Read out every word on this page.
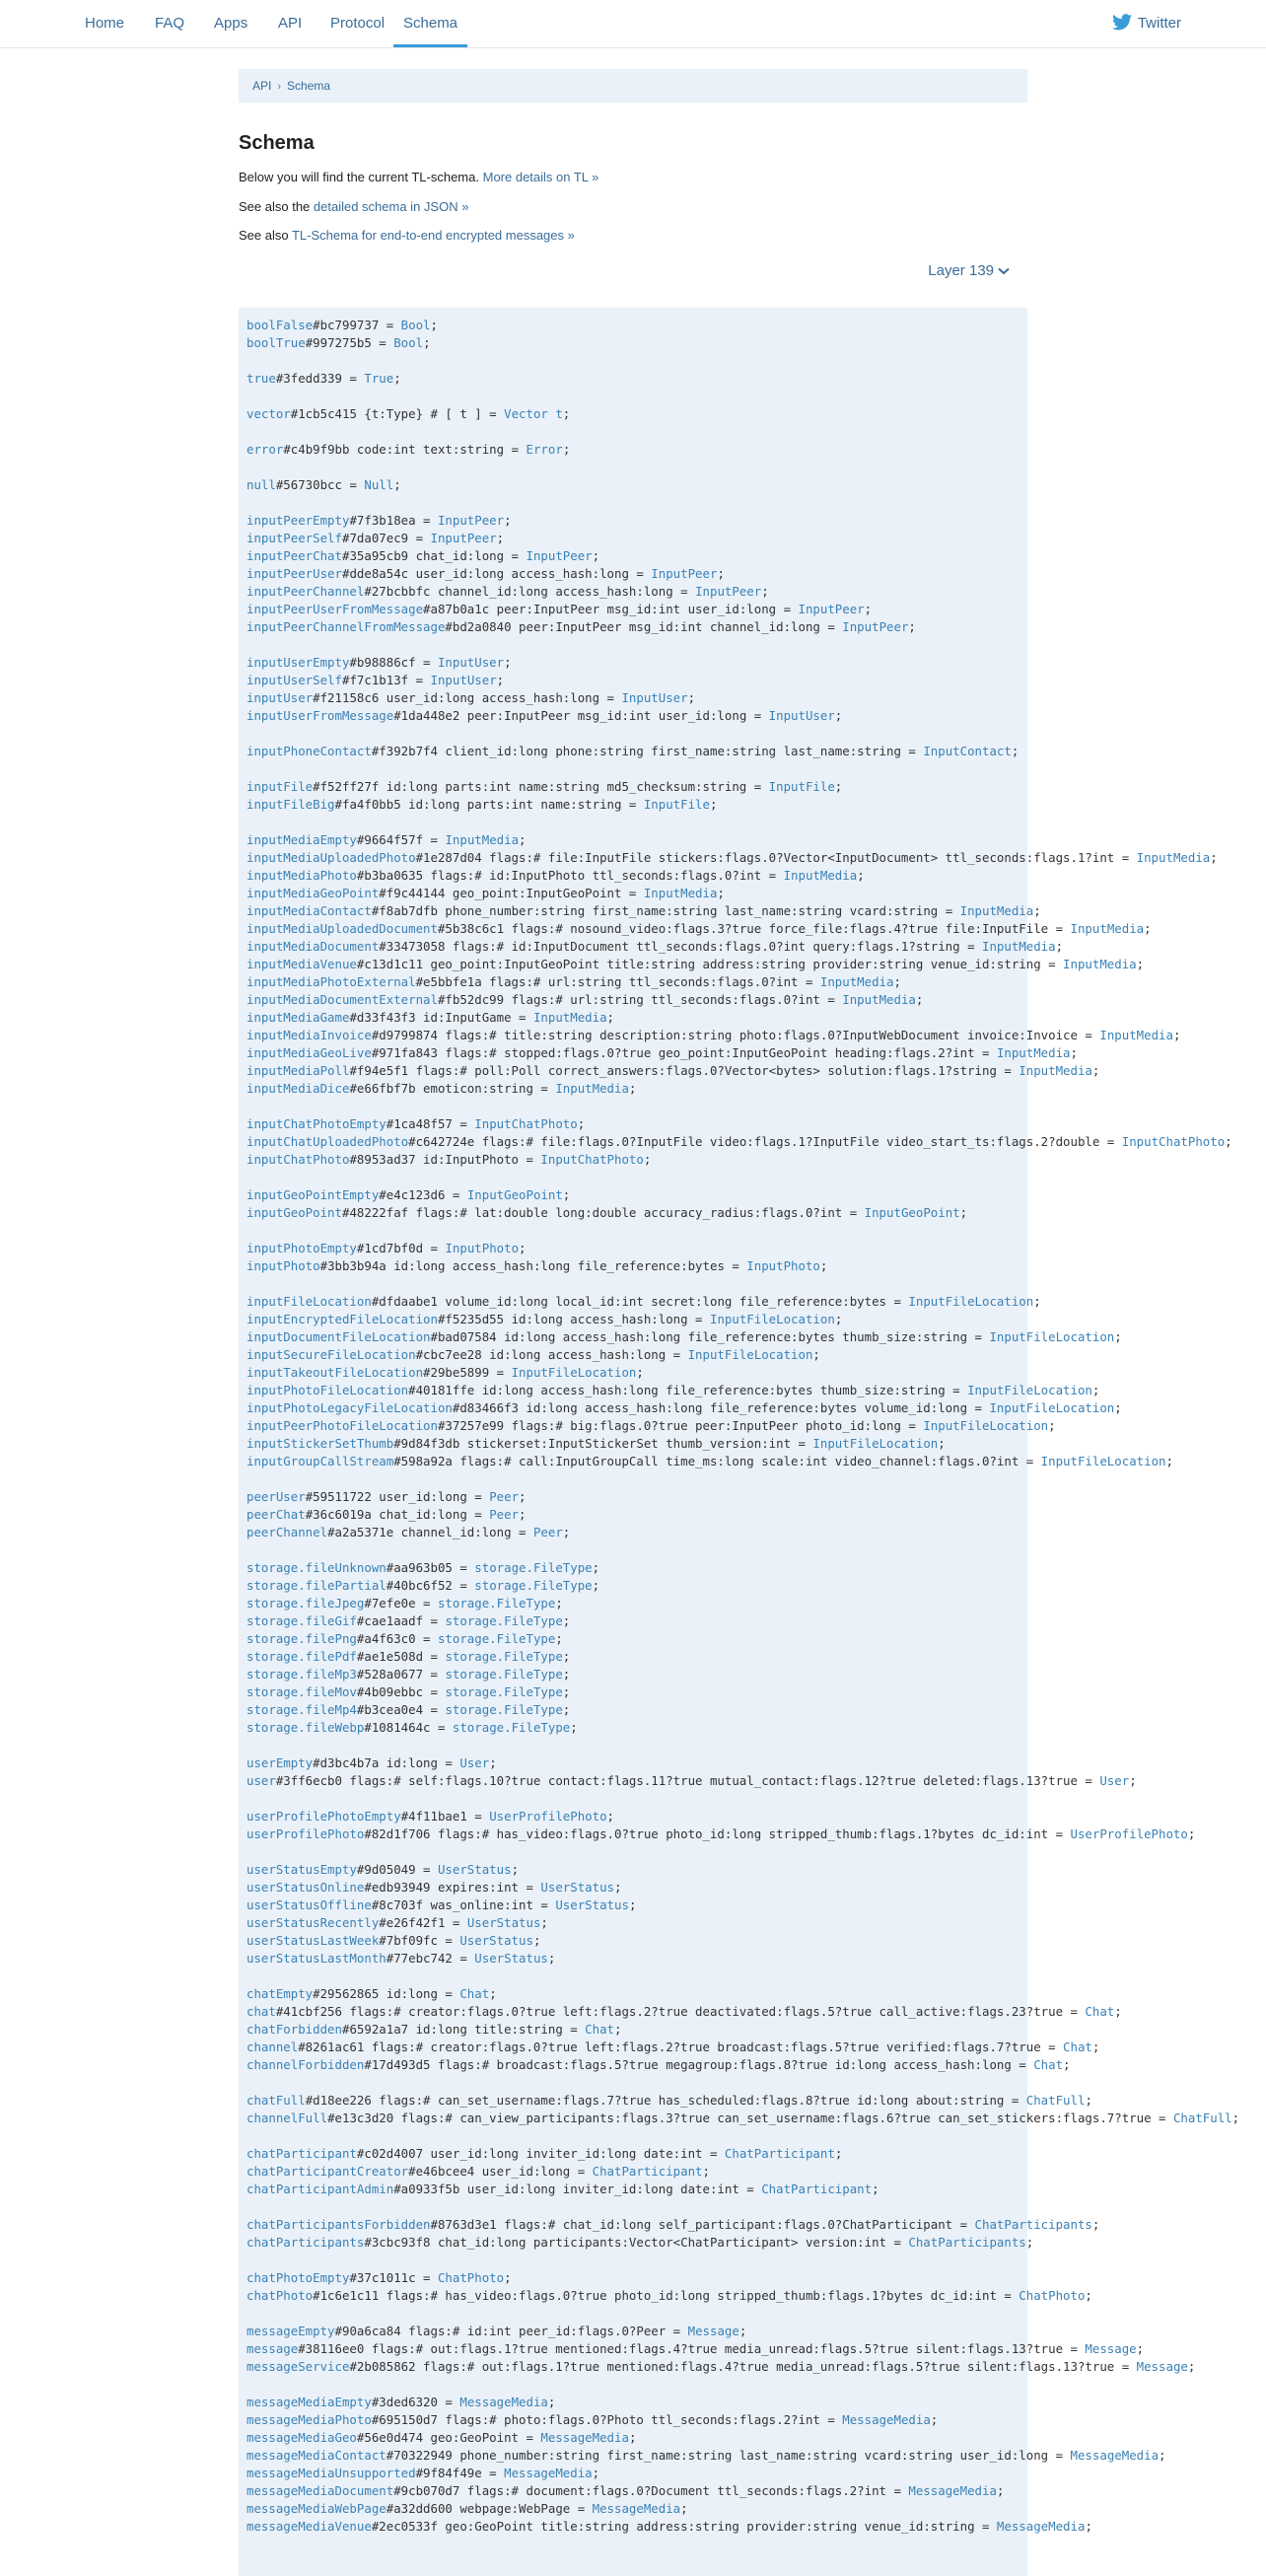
Home FAQ Apps API Protocol	Schema	Twitter
API › Schema
Schema
Below you will find the current TL-schema. More details on TL »
See also the detailed schema in JSON »
See also TL-Schema for end-to-end encrypted messages »
Layer 139
boolFalse#bc799737 = Bool;
boolTrue#997275b5 = Bool;

true#3fedd339 = True;

vector#1cb5c415 {t:Type} # [ t ] = Vector t;

error#c4b9f9bb code:int text:string = Error;

null#56730bcc = Null;

inputPeerEmpty#7f3b18ea = InputPeer;
inputPeerSelf#7da07ec9 = InputPeer;
inputPeerChat#35a95cb9 chat_id:long = InputPeer;
inputPeerUser#dde8a54c user_id:long access_hash:long = InputPeer;
inputPeerChannel#27bcbbfc channel_id:long access_hash:long = InputPeer;
inputPeerUserFromMessage#a87b0a1c peer:InputPeer msg_id:int user_id:long = InputPeer;
inputPeerChannelFromMessage#bd2a0840 peer:InputPeer msg_id:int channel_id:long = InputPeer;

inputUserEmpty#b98886cf = InputUser;
inputUserSelf#f7c1b13f = InputUser;
inputUser#f21158c6 user_id:long access_hash:long = InputUser;
inputUserFromMessage#1da448e2 peer:InputPeer msg_id:int user_id:long = InputUser;

inputPhoneContact#f392b7f4 client_id:long phone:string first_name:string last_name:string = InputContact;

inputFile#f52ff27f id:long parts:int name:string md5_checksum:string = InputFile;
inputFileBig#fa4f0bb5 id:long parts:int name:string = InputFile;

inputMediaEmpty#9664f57f = InputMedia;
inputMediaUploadedPhoto#1e287d04 flags:# file:InputFile stickers:flags.0?Vector<InputDocument> ttl_seconds:flags.1?int = InputMedia;
inputMediaPhoto#b3ba0635 flags:# id:InputPhoto ttl_seconds:flags.0?int = InputMedia;
inputMediaGeoPoint#f9c44144 geo_point:InputGeoPoint = InputMedia;
inputMediaContact#f8ab7dfb phone_number:string first_name:string last_name:string vcard:string = InputMedia;
inputMediaUploadedDocument#5b38c6c1 flags:# nosound_video:flags.3?true force_file:flags.4?true file:InputFile = InputMedia;
inputMediaDocument#33473058 flags:# id:InputDocument ttl_seconds:flags.0?int query:flags.1?string = InputMedia;
inputMediaVenue#c13d1c11 geo_point:InputGeoPoint title:string address:string provider:string venue_id:string = InputMedia;
inputMediaPhotoExternal#e5bbfe1a flags:# url:string ttl_seconds:flags.0?int = InputMedia;
inputMediaDocumentExternal#fb52dc99 flags:# url:string ttl_seconds:flags.0?int = InputMedia;
inputMediaGame#d33f43f3 id:InputGame = InputMedia;
inputMediaInvoice#d9799874 flags:# title:string description:string photo:flags.0?InputWebDocument invoice:Invoice = InputMedia;
inputMediaGeoLive#971fa843 flags:# stopped:flags.0?true geo_point:InputGeoPoint heading:flags.2?int = InputMedia;
inputMediaPoll#f94e5f1 flags:# poll:Poll correct_answers:flags.0?Vector<bytes> solution:flags.1?string = InputMedia;
inputMediaDice#e66fbf7b emoticon:string = InputMedia;

inputChatPhotoEmpty#1ca48f57 = InputChatPhoto;
inputChatUploadedPhoto#c642724e flags:# file:flags.0?InputFile video:flags.1?InputFile video_start_ts:flags.2?double = InputChatPhoto;
inputChatPhoto#8953ad37 id:InputPhoto = InputChatPhoto;

inputGeoPointEmpty#e4c123d6 = InputGeoPoint;
inputGeoPoint#48222faf flags:# lat:double long:double accuracy_radius:flags.0?int = InputGeoPoint;

inputPhotoEmpty#1cd7bf0d = InputPhoto;
inputPhoto#3bb3b94a id:long access_hash:long file_reference:bytes = InputPhoto;

inputFileLocation#dfdaabe1 volume_id:long local_id:int secret:long file_reference:bytes = InputFileLocation;
inputEncryptedFileLocation#f5235d55 id:long access_hash:long = InputFileLocation;
inputDocumentFileLocation#bad07584 id:long access_hash:long file_reference:bytes thumb_size:string = InputFileLocation;
inputSecureFileLocation#cbc7ee28 id:long access_hash:long = InputFileLocation;
inputTakeoutFileLocation#29be5899 = InputFileLocation;
inputPhotoFileLocation#40181ffe id:long access_hash:long file_reference:bytes thumb_size:string = InputFileLocation;
inputPhotoLegacyFileLocation#d83466f3 id:long access_hash:long file_reference:bytes volume_id:long = InputFileLocation;
inputPeerPhotoFileLocation#37257e99 flags:# big:flags.0?true peer:InputPeer photo_id:long = InputFileLocation;
inputStickerSetThumb#9d84f3db stickerset:InputStickerSet thumb_version:int = InputFileLocation;
inputGroupCallStream#598a92a flags:# call:InputGroupCall time_ms:long scale:int video_channel:flags.0?int = InputFileLocation;

peerUser#59511722 user_id:long = Peer;
peerChat#36c6019a chat_id:long = Peer;
peerChannel#a2a5371e channel_id:long = Peer;

storage.fileUnknown#aa963b05 = storage.FileType;
storage.filePartial#40bc6f52 = storage.FileType;
storage.fileJpeg#7efe0e = storage.FileType;
storage.fileGif#cae1aadf = storage.FileType;
storage.filePng#a4f63c0 = storage.FileType;
storage.filePdf#ae1e508d = storage.FileType;
storage.fileMp3#528a0677 = storage.FileType;
storage.fileMov#4b09ebbc = storage.FileType;
storage.fileMp4#b3cea0e4 = storage.FileType;
storage.fileWebp#1081464c = storage.FileType;

userEmpty#d3bc4b7a id:long = User;
user#3ff6ecb0 flags:# self:flags.10?true contact:flags.11?true mutual_contact:flags.12?true deleted:flags.13?true = User;

userProfilePhotoEmpty#4f11bae1 = UserProfilePhoto;
userProfilePhoto#82d1f706 flags:# has_video:flags.0?true photo_id:long stripped_thumb:flags.1?bytes dc_id:int = UserProfilePhoto;

userStatusEmpty#9d05049 = UserStatus;
userStatusOnline#edb93949 expires:int = UserStatus;
userStatusOffline#8c703f was_online:int = UserStatus;
userStatusRecently#e26f42f1 = UserStatus;
userStatusLastWeek#7bf09fc = UserStatus;
userStatusLastMonth#77ebc742 = UserStatus;

chatEmpty#29562865 id:long = Chat;
chat#41cbf256 flags:# creator:flags.0?true left:flags.2?true deactivated:flags.5?true call_active:flags.23?true = Chat;
chatForbidden#6592a1a7 id:long title:string = Chat;
channel#8261ac61 flags:# creator:flags.0?true left:flags.2?true broadcast:flags.5?true verified:flags.7?true = Chat;
channelForbidden#17d493d5 flags:# broadcast:flags.5?true megagroup:flags.8?true id:long access_hash:long = Chat;

chatFull#d18ee226 flags:# can_set_username:flags.7?true has_scheduled:flags.8?true id:long about:string = ChatFull;
channelFull#e13c3d20 flags:# can_view_participants:flags.3?true can_set_username:flags.6?true can_set_stickers:flags.7?true = ChatFull;

chatParticipant#c02d4007 user_id:long inviter_id:long date:int = ChatParticipant;
chatParticipantCreator#e46bcee4 user_id:long = ChatParticipant;
chatParticipantAdmin#a0933f5b user_id:long inviter_id:long date:int = ChatParticipant;

chatParticipantsForbidden#8763d3e1 flags:# chat_id:long self_participant:flags.0?ChatParticipant = ChatParticipants;
chatParticipants#3cbc93f8 chat_id:long participants:Vector<ChatParticipant> version:int = ChatParticipants;

chatPhotoEmpty#37c1011c = ChatPhoto;
chatPhoto#1c6e1c11 flags:# has_video:flags.0?true photo_id:long stripped_thumb:flags.1?bytes dc_id:int = ChatPhoto;

messageEmpty#90a6ca84 flags:# id:int peer_id:flags.0?Peer = Message;
message#38116ee0 flags:# out:flags.1?true mentioned:flags.4?true media_unread:flags.5?true silent:flags.13?true = Message;
messageService#2b085862 flags:# out:flags.1?true mentioned:flags.4?true media_unread:flags.5?true silent:flags.13?true = Message;

messageMediaEmpty#3ded6320 = MessageMedia;
messageMediaPhoto#695150d7 flags:# photo:flags.0?Photo ttl_seconds:flags.2?int = MessageMedia;
messageMediaGeo#56e0d474 geo:GeoPoint = MessageMedia;
messageMediaContact#70322949 phone_number:string first_name:string last_name:string vcard:string user_id:long = MessageMedia;
messageMediaUnsupported#9f84f49e = MessageMedia;
messageMediaDocument#9cb070d7 flags:# document:flags.0?Document ttl_seconds:flags.2?int = MessageMedia;
messageMediaWebPage#a32dd600 webpage:WebPage = MessageMedia;
messageMediaVenue#2ec0533f geo:GeoPoint title:string address:string provider:string venue_id:string = MessageMedia;
